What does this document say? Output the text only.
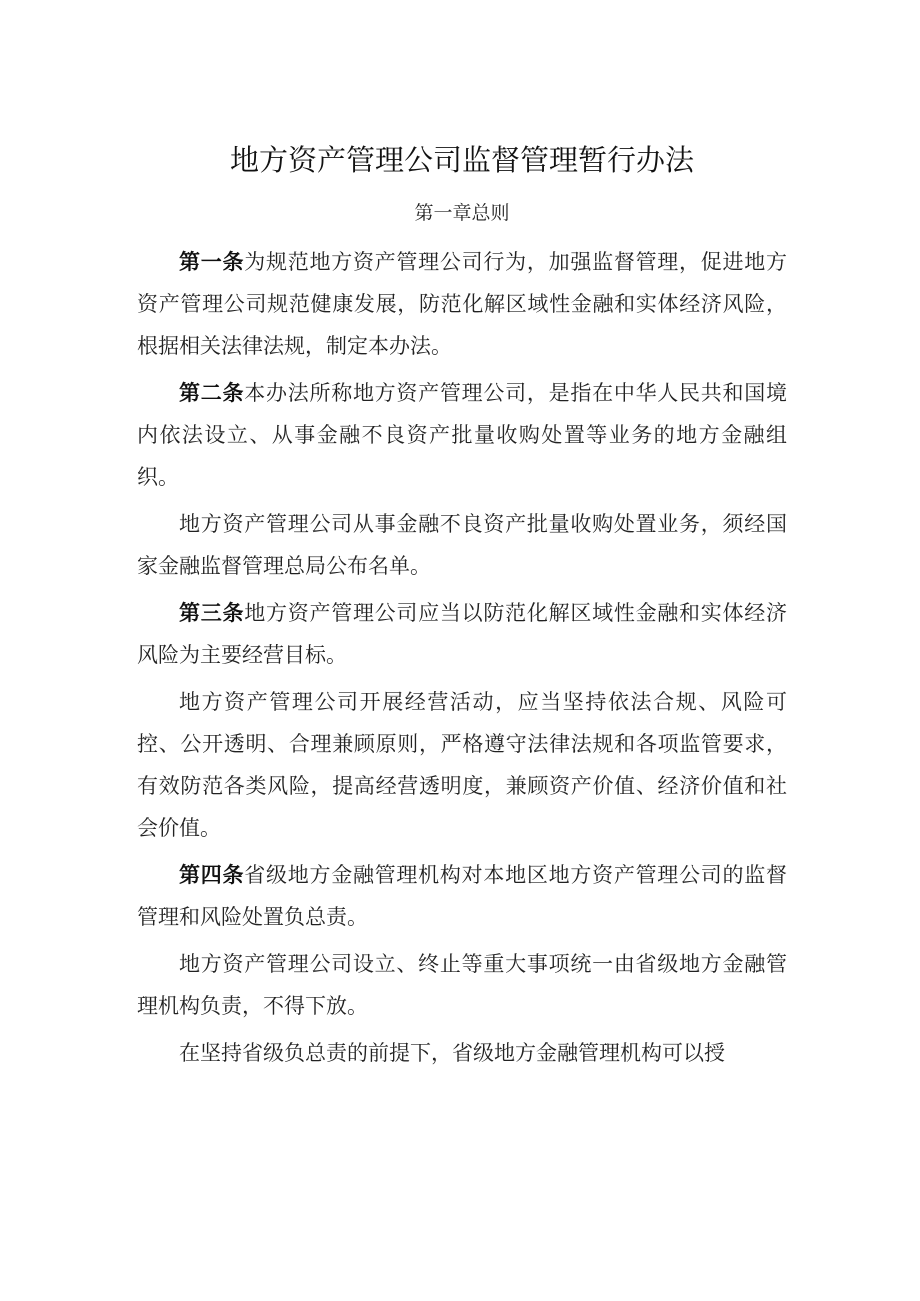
地方资产管理公司监督管理暂行办法
第一章总则

第一条为规范地方资产管理公司行为，加强监督管理，促进地方资产管理公司规范健康发展，防范化解区域性金融和实体经济风险，根据相关法律法规，制定本办法。

第二条本办法所称地方资产管理公司，是指在中华人民共和国境内依法设立、从事金融不良资产批量收购处置等业务的地方金融组织。

地方资产管理公司从事金融不良资产批量收购处置业务，须经国家金融监督管理总局公布名单。

第三条地方资产管理公司应当以防范化解区域性金融和实体经济风险为主要经营目标。

地方资产管理公司开展经营活动，应当坚持依法合规、风险可控、公开透明、合理兼顾原则，严格遵守法律法规和各项监管要求，有效防范各类风险，提高经营透明度，兼顾资产价值、经济价值和社会价值。

第四条省级地方金融管理机构对本地区地方资产管理公司的监督管理和风险处置负总责。

地方资产管理公司设立、终止等重大事项统一由省级地方金融管理机构负责，不得下放。

在坚持省级负总责的前提下，省级地方金融管理机构可以授
